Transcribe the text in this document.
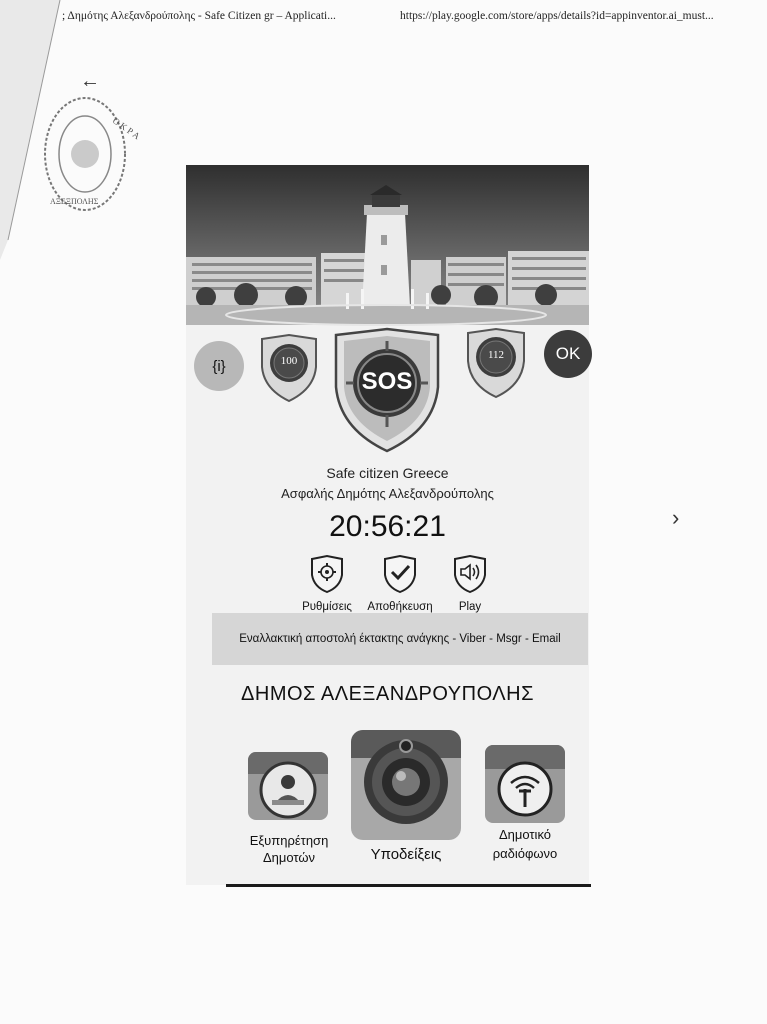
; Δημότης Αλεξανδρούπολης - Safe Citizen gr – Applicati...	https://play.google.com/store/apps/details?id=appinventor.ai_must...
←
›
Ο Κ Ρ Α
ΑΞΕΞΠΟΛΗΣ
{i}
OK
100
SOS
112
Safe citizen Greece
Ασφαλής Δημότης Αλεξανδρούπολης
20:56:21
Ρυθμίσεις	Αποθήκευση	Play
Εναλλακτική αποστολή έκτακτης ανάγκης - Viber - Msgr - Email
ΔΗΜΟΣ ΑΛΕΞΑΝΔΡΟΥΠΟΛΗΣ
Εξυπηρέτηση
Δημοτών	Υποδείξεις
Δημοτικό
ραδιόφωνο
